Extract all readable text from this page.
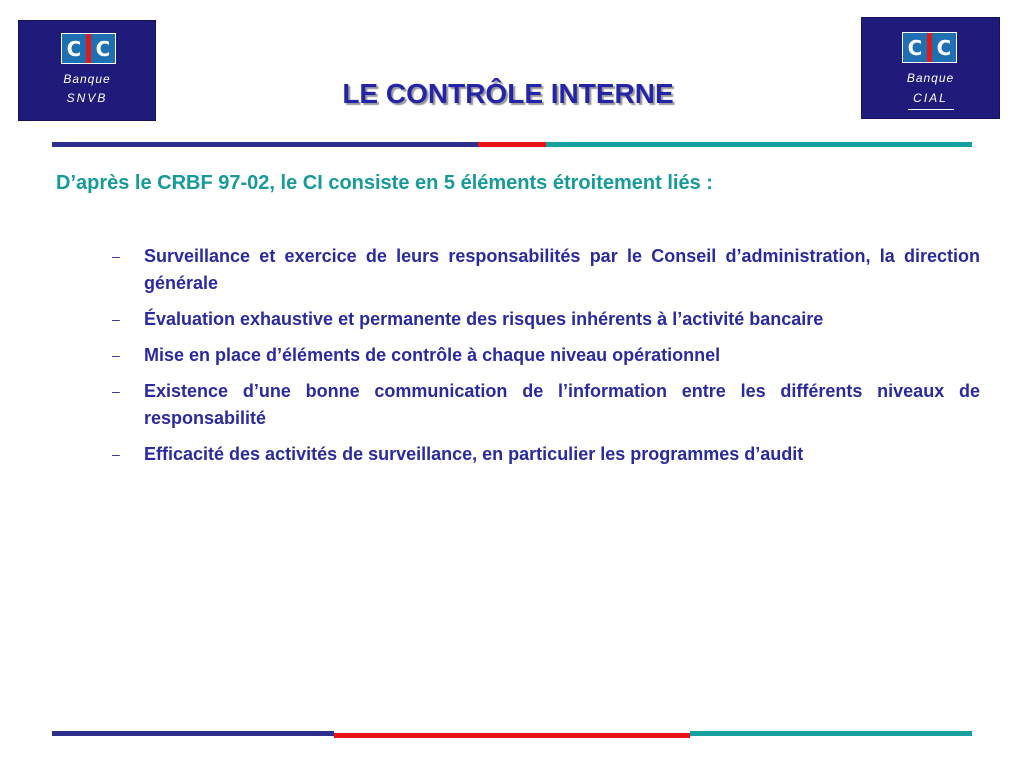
C C
Banque
SNVB
C C
Banque
CIAL
LE CONTRÔLE INTERNE
D’après le CRBF 97-02, le CI consiste en 5 éléments étroitement liés :
– Surveillance et exercice de leurs responsabilités par le Conseil d’administration, la direction générale
– Évaluation exhaustive et permanente des risques inhérents à l’activité bancaire
– Mise en place d’éléments de contrôle à chaque niveau opérationnel
– Existence d’une bonne communication de l’information entre les différents niveaux de responsabilité
– Efficacité des activités de surveillance, en particulier les programmes d’audit
